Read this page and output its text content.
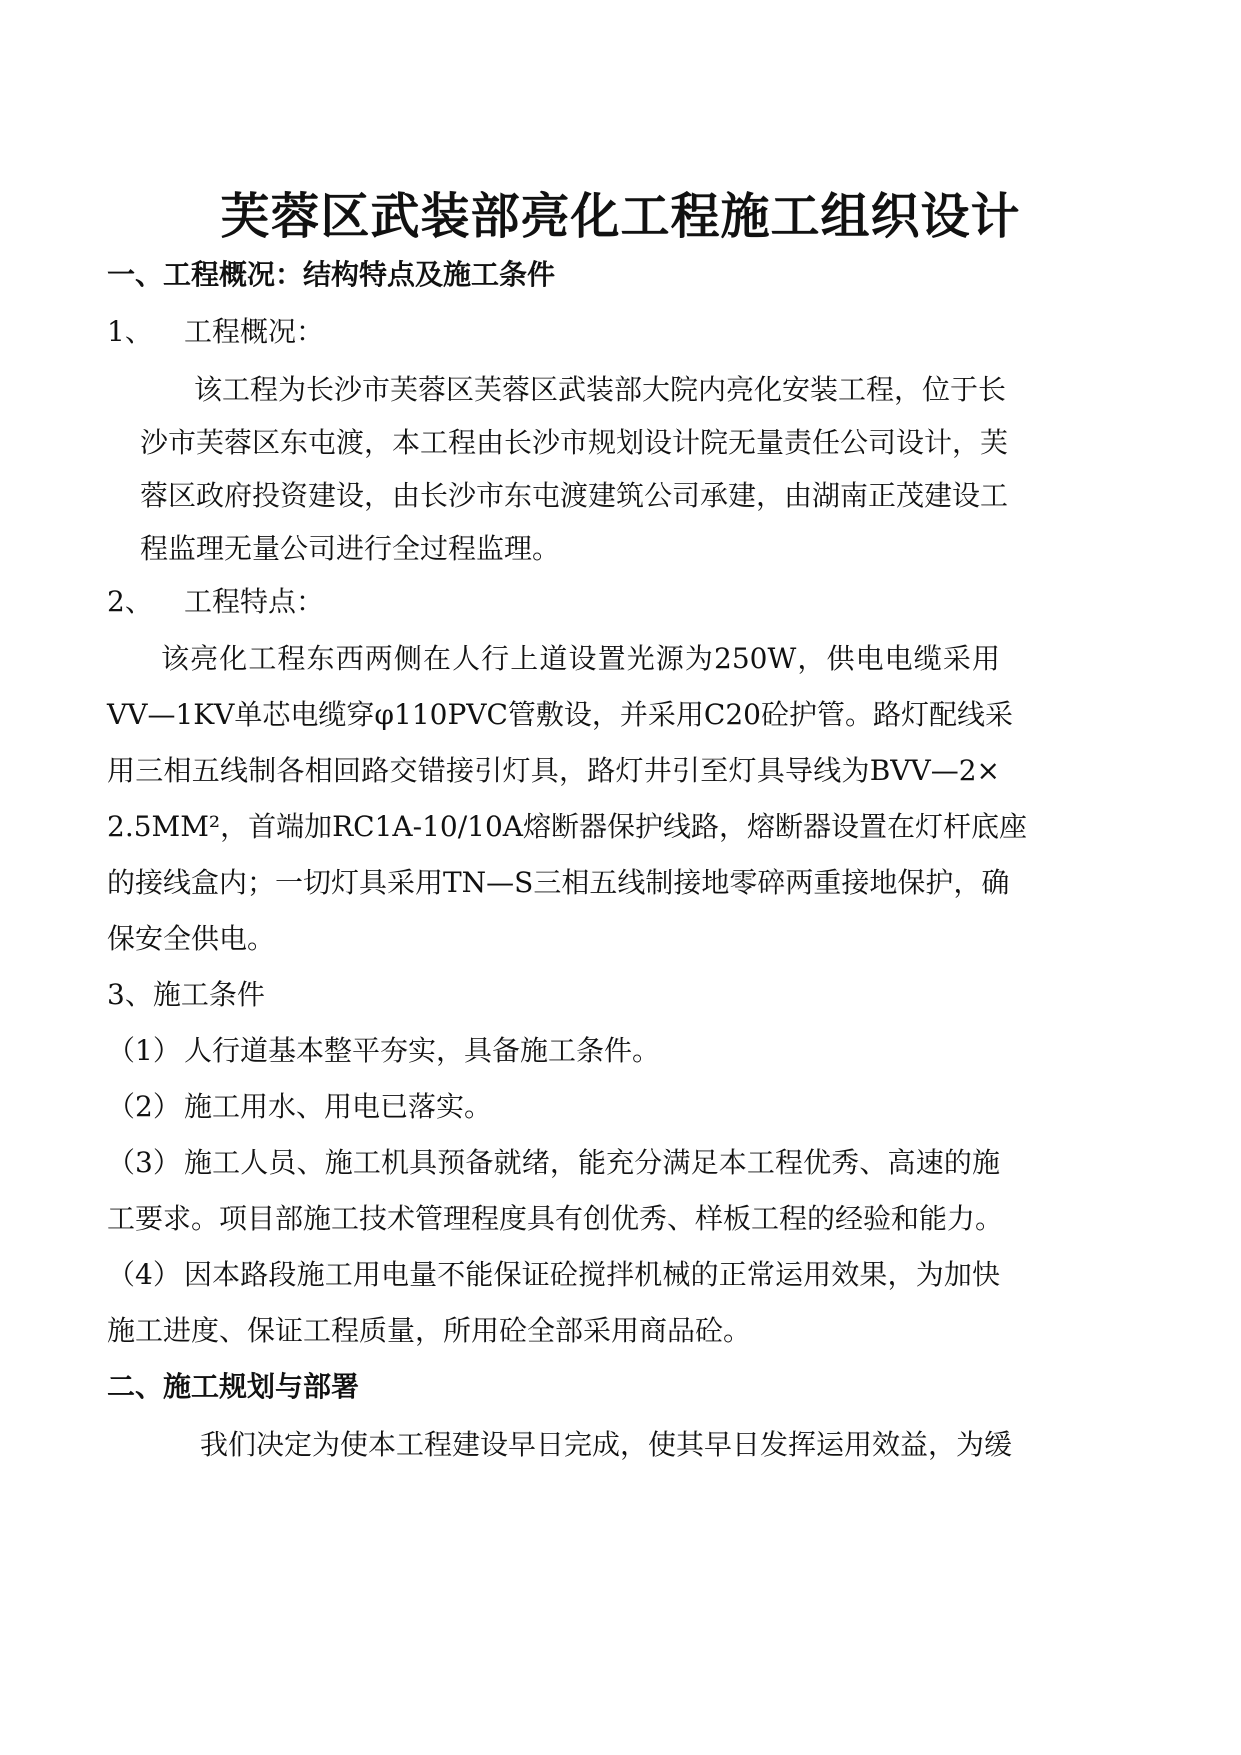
芙蓉区武装部亮化工程施工组织设计
一、工程概况：结构特点及施工条件
1、 工程概况：
该工程为长沙市芙蓉区芙蓉区武装部大院内亮化安装工程，位于长
沙市芙蓉区东屯渡，本工程由长沙市规划设计院无量责任公司设计，芙
蓉区政府投资建设，由长沙市东屯渡建筑公司承建，由湖南正茂建设工
程监理无量公司进行全过程监理。
2、 工程特点：
该亮化工程东西两侧在人行上道设置光源为250W，供电电缆采用
VV—1KV单芯电缆穿φ110PVC管敷设，并采用C20砼护管。路灯配线采
用三相五线制各相回路交错接引灯具，路灯井引至灯具导线为BVV—2×
2.5MM²，首端加RC1A-10/10A熔断器保护线路，熔断器设置在灯杆底座
的接线盒内；一切灯具采用TN—S三相五线制接地零碎两重接地保护，确
保安全供电。
3、施工条件
（1） 人行道基本整平夯实，具备施工条件。
（2） 施工用水、用电已落实。
（3） 施工人员、施工机具预备就绪，能充分满足本工程优秀、高速的施
工要求。项目部施工技术管理程度具有创优秀、样板工程的经验和能力。
（4） 因本路段施工用电量不能保证砼搅拌机械的正常运用效果，为加快
施工进度、保证工程质量，所用砼全部采用商品砼。
二、施工规划与部署
我们决定为使本工程建设早日完成，使其早日发挥运用效益，为缓
